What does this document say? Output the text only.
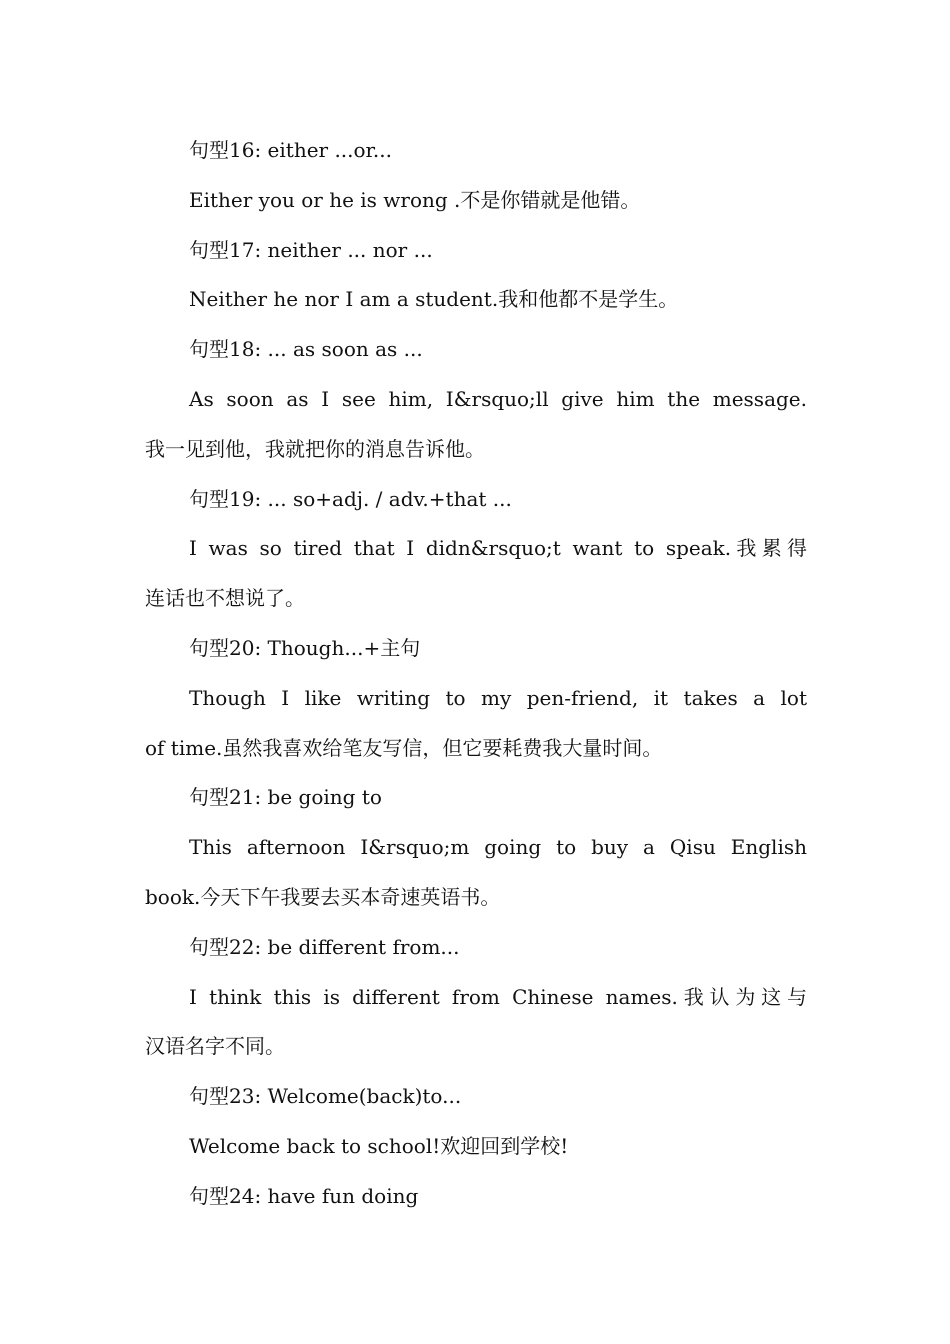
句型16: either ...or...
Either you or he is wrong .不是你错就是他错。
句型17: neither ... nor ...
Neither he nor I am a student.我和他都不是学生。
句型18: ... as soon as ...
As soon as I see him, I&rsquo;ll give him the message.
我一见到他，我就把你的消息告诉他。
句型19: ... so+adj. / adv.+that ...
I was so tired that I didn&rsquo;t want to speak.我累得
连话也不想说了。
句型20: Though...+主句
Though I like writing to my pen-friend, it takes a lot
of time.虽然我喜欢给笔友写信，但它要耗费我大量时间。
句型21: be going to
This afternoon I&rsquo;m going to buy a Qisu English
book.今天下午我要去买本奇速英语书。
句型22: be different from...
I think this is different from Chinese names.我认为这与
汉语名字不同。
句型23: Welcome(back)to...
Welcome back to school!欢迎回到学校!
句型24: have fun doing
